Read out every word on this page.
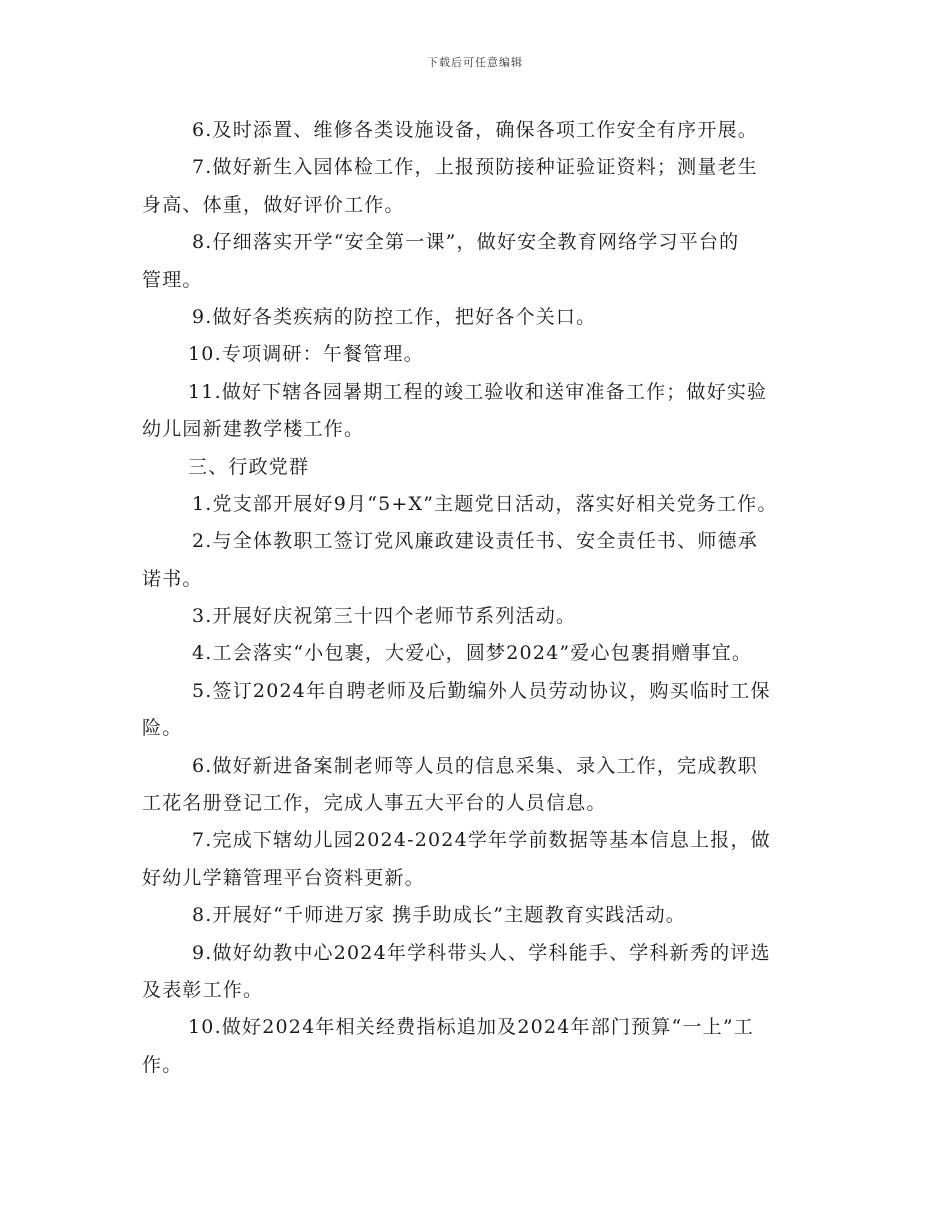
下载后可任意编辑
6.及时添置、维修各类设施设备，确保各项工作安全有序开展。
7.做好新生入园体检工作，上报预防接种证验证资料；测量老生
身高、体重，做好评价工作。
8.仔细落实开学“安全第一课”，做好安全教育网络学习平台的
管理。
9.做好各类疾病的防控工作，把好各个关口。
10.专项调研：午餐管理。
11.做好下辖各园暑期工程的竣工验收和送审准备工作；做好实验
幼儿园新建教学楼工作。
三、行政党群
1.党支部开展好9月“5+X”主题党日活动，落实好相关党务工作。
2.与全体教职工签订党风廉政建设责任书、安全责任书、师德承
诺书。
3.开展好庆祝第三十四个老师节系列活动。
4.工会落实“小包裹，大爱心，圆梦2024”爱心包裹捐赠事宜。
5.签订2024年自聘老师及后勤编外人员劳动协议，购买临时工保
险。
6.做好新进备案制老师等人员的信息采集、录入工作，完成教职
工花名册登记工作，完成人事五大平台的人员信息。
7.完成下辖幼儿园2024-2024学年学前数据等基本信息上报，做
好幼儿学籍管理平台资料更新。
8.开展好“千师进万家 携手助成长”主题教育实践活动。
9.做好幼教中心2024年学科带头人、学科能手、学科新秀的评选
及表彰工作。
10.做好2024年相关经费指标追加及2024年部门预算“一上”工
作。
